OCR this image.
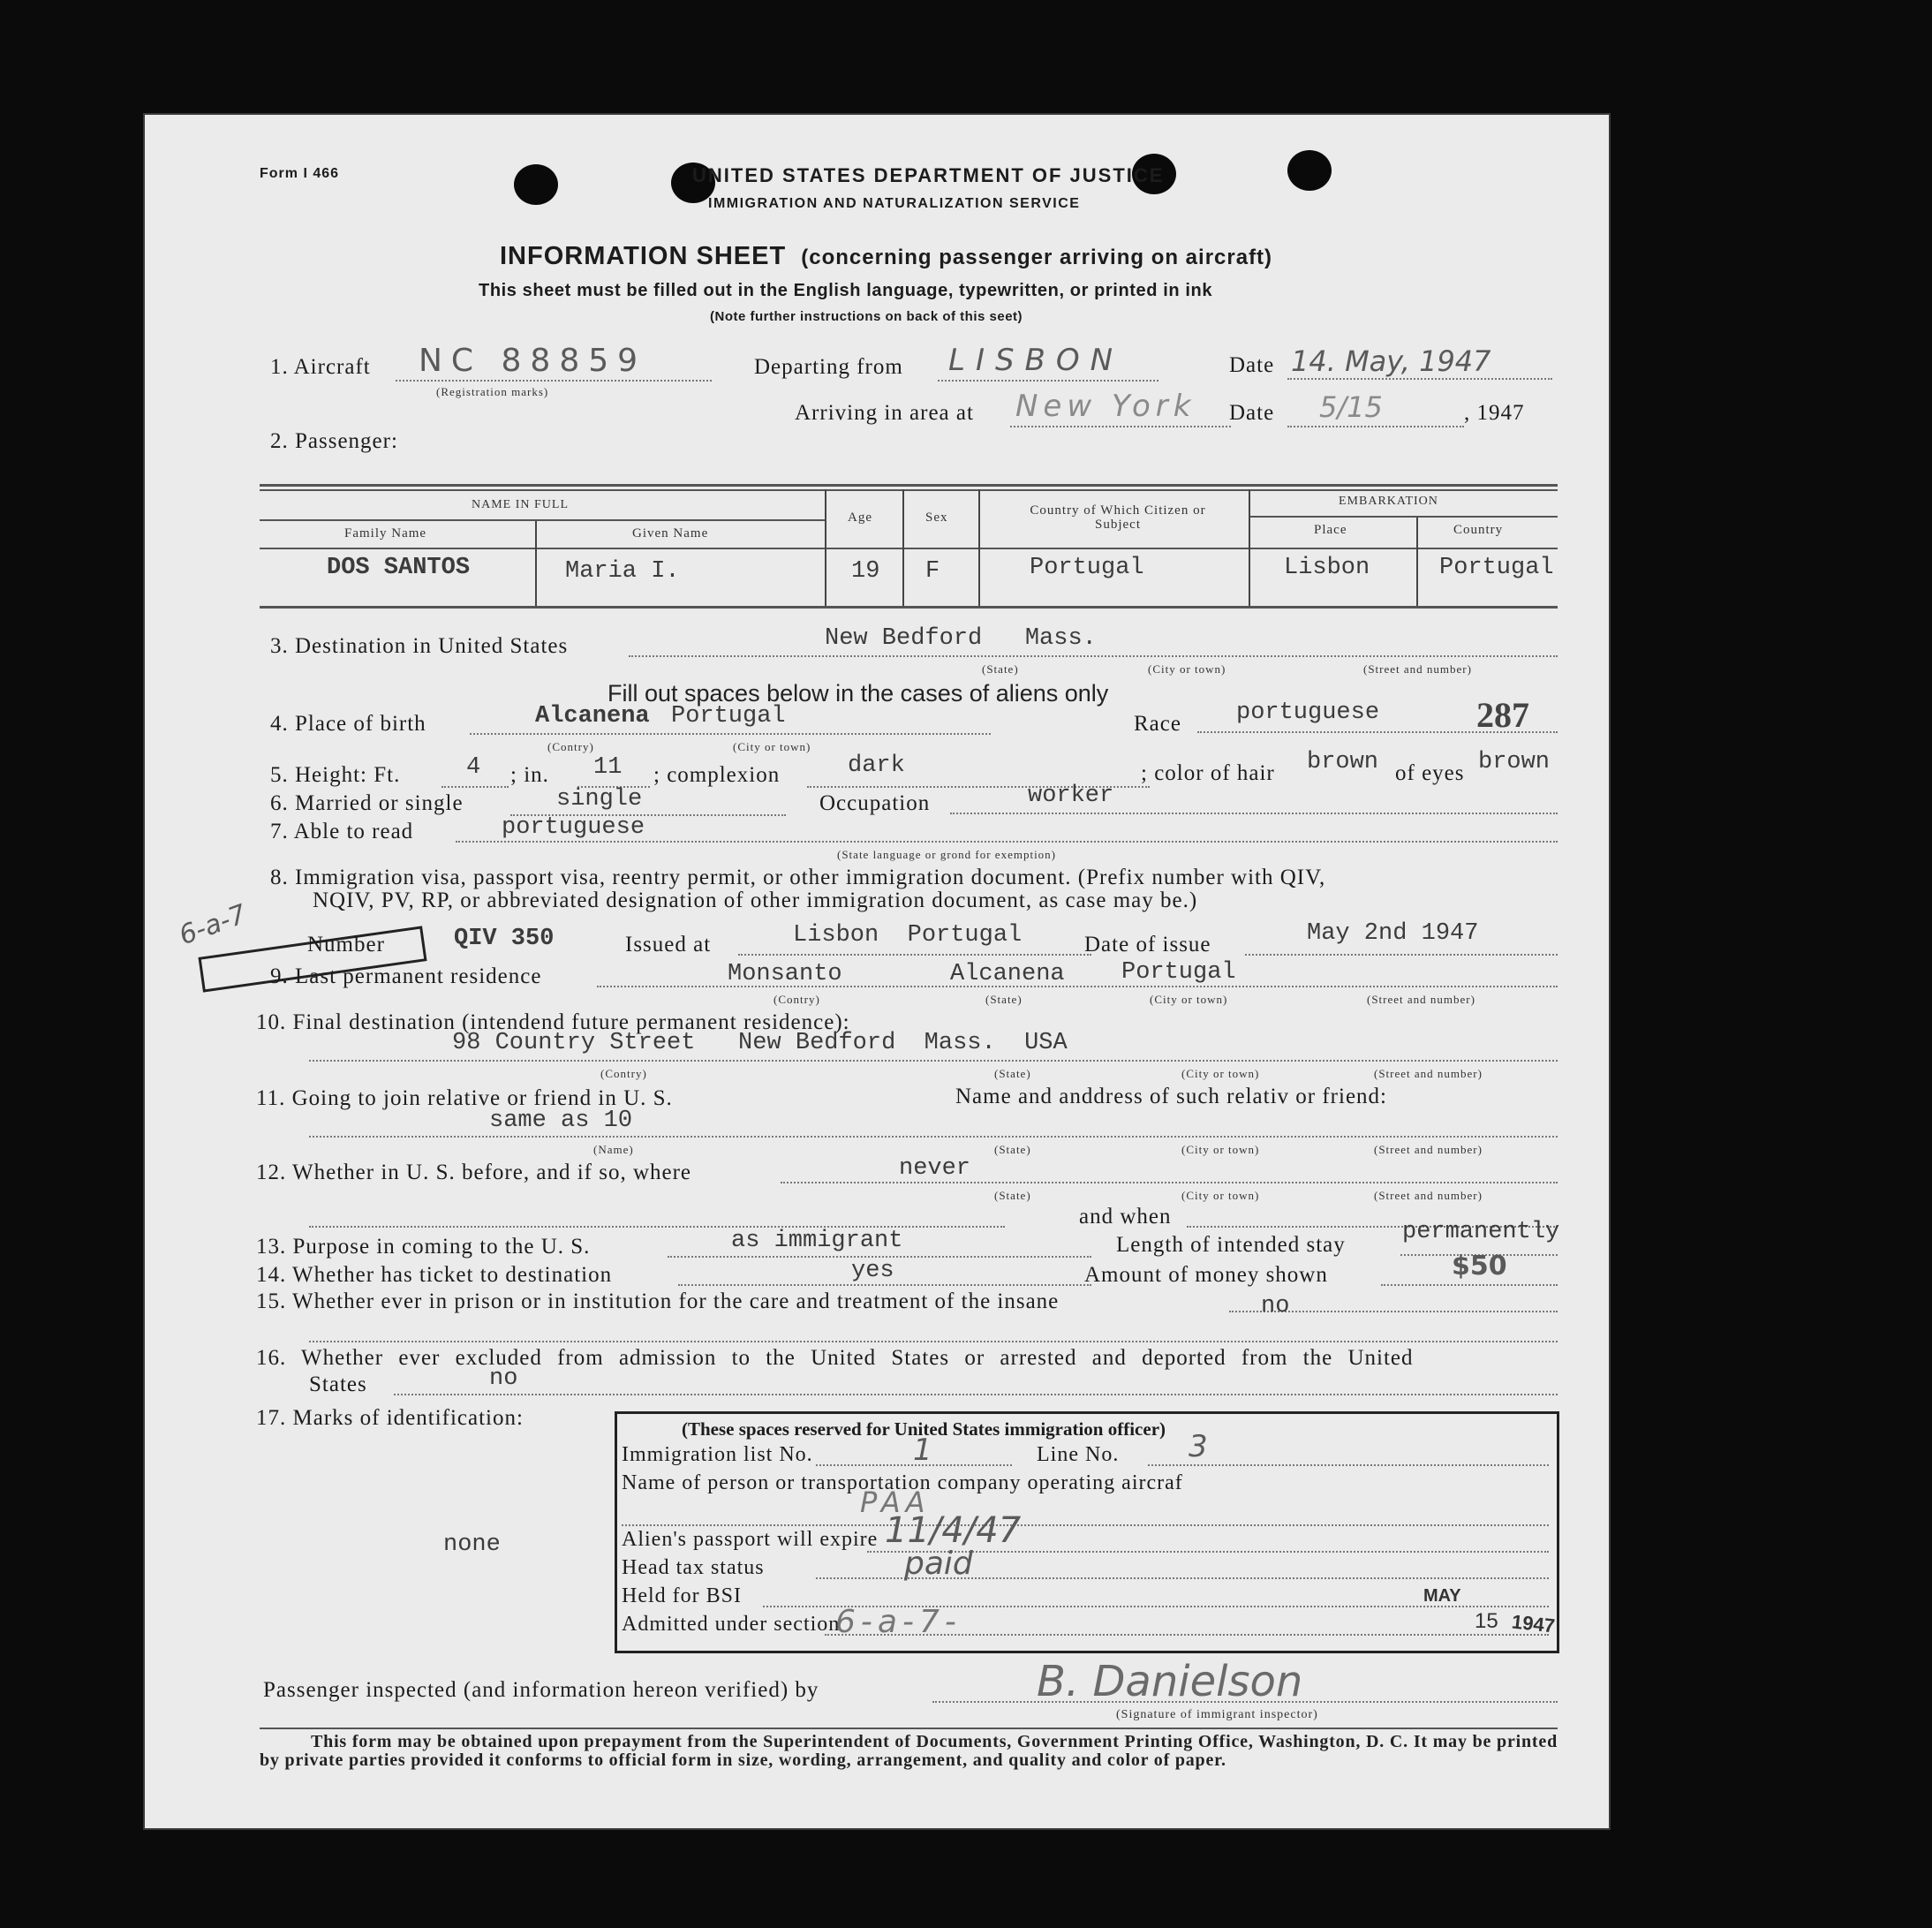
Form I 466	UNITED STATES DEPARTMENT OF JUSTICE
IMMIGRATION AND NATURALIZATION SERVICE
INFORMATION SHEET (concerning passenger arriving on aircraft)
This sheet must be filled out in the English language, typewritten, or printed in ink
(Note further instructions on back of this seet)
1. Aircraft NC 88859
(Registration marks)
Departing from LISBON	Date 14. May, 1947
Arriving in area at New York Date 5/15	, 1947
2. Passenger:
NAME IN FULL
Family Name	Given Name
Age	Sex	Country of Which Citizen or Subject
EMBARKATION
Place	Country
DOS SANTOS	Maria I.	19 F	Portugal	Lisbon	Portugal
3. Destination in United States	New Bedford   Mass.
(State)	(City or town)	(Street and number)
Fill out spaces below in the cases of aliens only
4. Place of birth	Alcanena Portugal
(Contry)	(City or town)
Race portuguese	287
5. Height: Ft.	4 ; in. 11 ; complexion	dark	; color of hair brown of eyes brown
6. Married or single	single	Occupation	worker
7. Able to read	portuguese
(State language or grond for exemption)
8. Immigration visa, passport visa, reentry permit, or other immigration document. (Prefix number with QIV,
NQIV, PV, RP, or abbreviated designation of other immigration document, as case may be.)
6-a-7	Number	QIV 350	Issued at	Lisbon  Portugal	Date of issue	May 2nd 1947
9. Last permanent residence	Monsanto	Alcanena Portugal
(Contry)	(State)	(City or town)	(Street and number)
10. Final destination (intendend future permanent residence):
98 Country Street   New Bedford  Mass.  USA
(Contry)	(State)	(City or town)	(Street and number)
11. Going to join relative or friend in U. S.	Name and anddress of such relativ or friend:
same as 10
(Name)	(State)	(City or town)	(Street and number)
12. Whether in U. S. before, and if so, where	never
(State)	(City or town)	(Street and number)
and when
13. Purpose in coming to the U. S.	as immigrant	Length of intended stay permanently
14. Whether has ticket to destination	yes	Amount of money shown	$50
15. Whether ever in prison or in institution for the care and treatment of the insane	no
16. Whether ever excluded from admission to the United States or arrested and deported from the United
States	no
17. Marks of identification:
none
(These spaces reserved for United States immigration officer)
Immigration list No.	1	Line No. 3
Name of person or transportation company operating aircraf
PAA
Alien's passport will expire 11/4/47
Head tax status	paid
Held for BSI
Admitted under section
6-a-7-
MAY
15 1947
Passenger inspected (and information hereon verified) by	B. Danielson
(Signature of immigrant inspector)
This form may be obtained upon prepayment from the Superintendent of Documents, Government Printing Office, Washington, D. C. It may be printed by private parties provided it conforms to official form in size, wording, arrangement, and quality and color of paper.
